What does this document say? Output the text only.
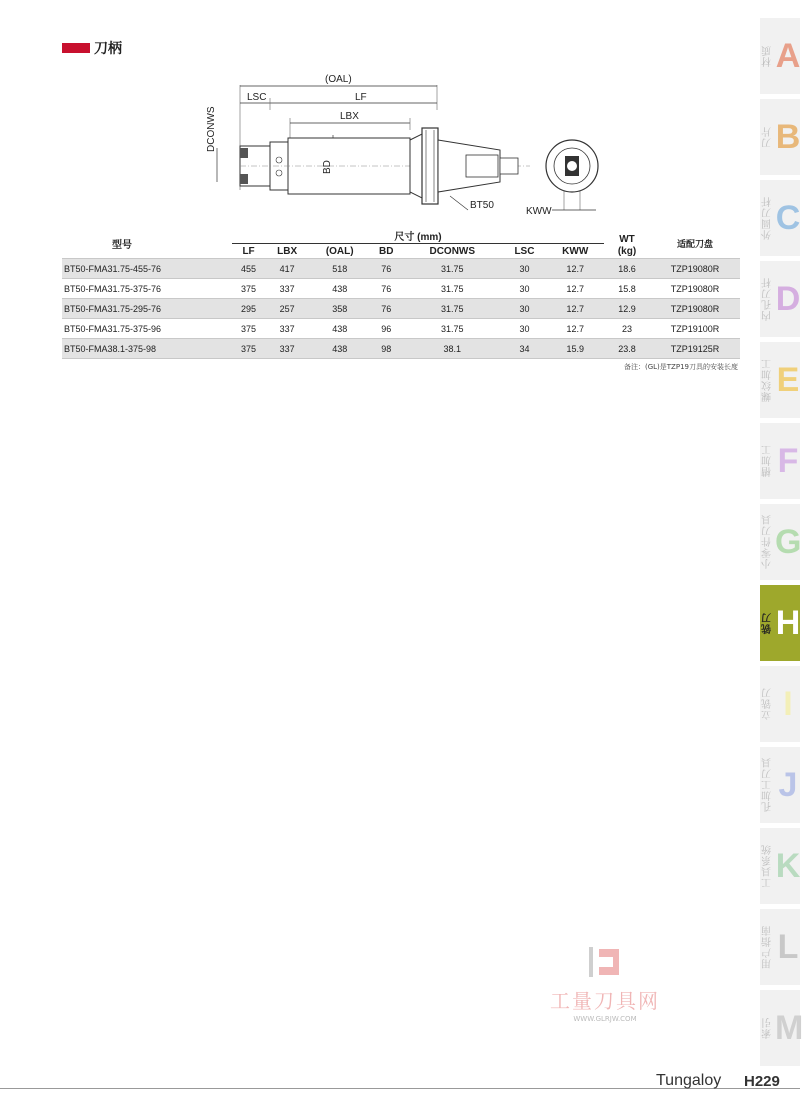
刀柄
(OAL)
LSC	LF
LBX
DCONWS
BD
BT50
KWW
型号	尺寸 (mm)							WT
(kg)	适配刀盘
	LF	LBX	(OAL)	BD	DCONWS	LSC	KWW		
BT50-FMA31.75-455-76	455	417	518	76	31.75	30	12.7	18.6	TZP19080R
BT50-FMA31.75-375-76	375	337	438	76	31.75	30	12.7	15.8	TZP19080R
BT50-FMA31.75-295-76	295	257	358	76	31.75	30	12.7	12.9	TZP19080R
BT50-FMA31.75-375-96	375	337	438	96	31.75	30	12.7	23	TZP19100R
BT50-FMA38.1-375-98	375	337	438	98	38.1	34	15.9	23.8	TZP19125R
备注：(GL)是TZP19刀具的安装长度
材质 A
刀片 B
外圆刀杆 C
内孔刀杆 D
螺纹加工 E
槽加工 F
小零件刀具 G
铣刀 H
立铣刀 I
孔加工刀具 J
工具系统 K
用户指南 L
索引 M
工量刀具网
WWW.GLRJW.COM
Tungaloy H229
